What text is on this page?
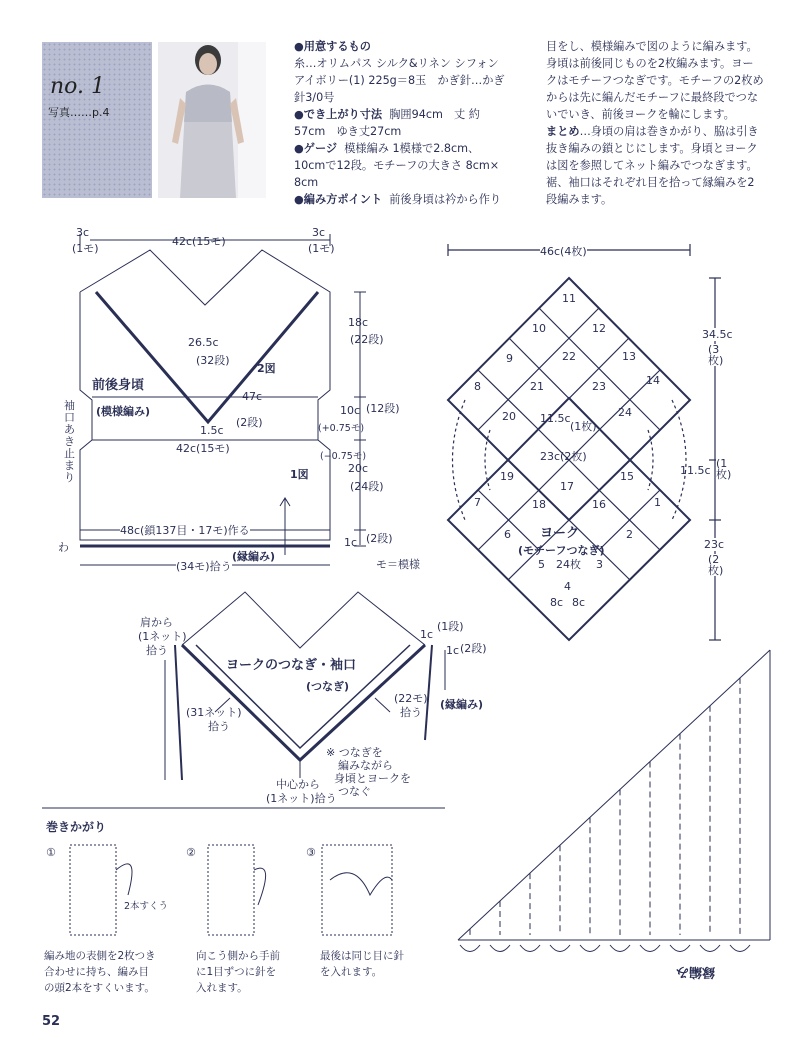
no. 1
写真……p.4

●用意するもの

糸…オリムパス シルク&リネン シフォン

アイボリー(1) 225g＝8玉　かぎ針…かぎ

針3/0号

●でき上がり寸法 胸囲94cm　丈 約

57cm　ゆき丈27cm

●ゲージ 模様編み 1模様で2.8cm、

10cmで12段。モチーフの大きさ 8cm×

8cm

●編み方ポイント 前後身頃は衿から作り

目をし、模様編みで図のように編みます。

身頃は前後同じものを2枚編みます。ヨー

クはモチーフつなぎです。モチーフの2枚め

からは先に編んだモチーフに最終段でつな

いでいき、前後ヨークを輪にします。

まとめ…身頃の肩は巻きかがり、脇は引き

抜き編みの鎖とじにします。身頃とヨーク

は図を参照してネット編みでつなぎます。

裾、袖口はそれぞれ目を拾って縁編みを2

段編みます。

3c
(1モ)
42c(15モ)
3c
(1モ)
26.5c
(32段)
2図
前後身頃
(模様編み)
47c
袖口あき止まり
1.5c
(2段)
42c(15モ)
1図
48c(鎖137目・17モ)作る
わ
(縁編み)
(34モ)拾う	モ＝模様
18c
(22段)
10c (12段)
(+0.75モ)
(−0.75モ)
20c
(24段)
1c (2段)
46c(4枚)
11
10	12
9	22	13
8	21	23	14
20	24
11.5c
(1枚)
23c(2枚)
19	15
7	18
17
16	1
6 ヨーク	2
(モチーフつなぎ)
5 24枚 3
4
8c 8c
34.5c
(3枚)
11.5c
(1枚)
23c
(2枚)
肩から
(1ネット)
拾う
ヨークのつなぎ・袖口
(つなぎ)
(31ネット)
拾う
(22モ)
拾う
(縁編み)
1c
(1段)
1c (2段)
※ つなぎを
編みながら
身頃とヨークを
つなぐ
中心から
(1ネット)拾う
巻きかがり
①	②	③
2本すくう
編み地の表側を2枚つき
合わせに持ち、編み目
の頭2本をすくいます。
向こう側から手前
に1目ずつに針を
入れます。
最後は同じ目に針
を入れます。	縁編み
52
